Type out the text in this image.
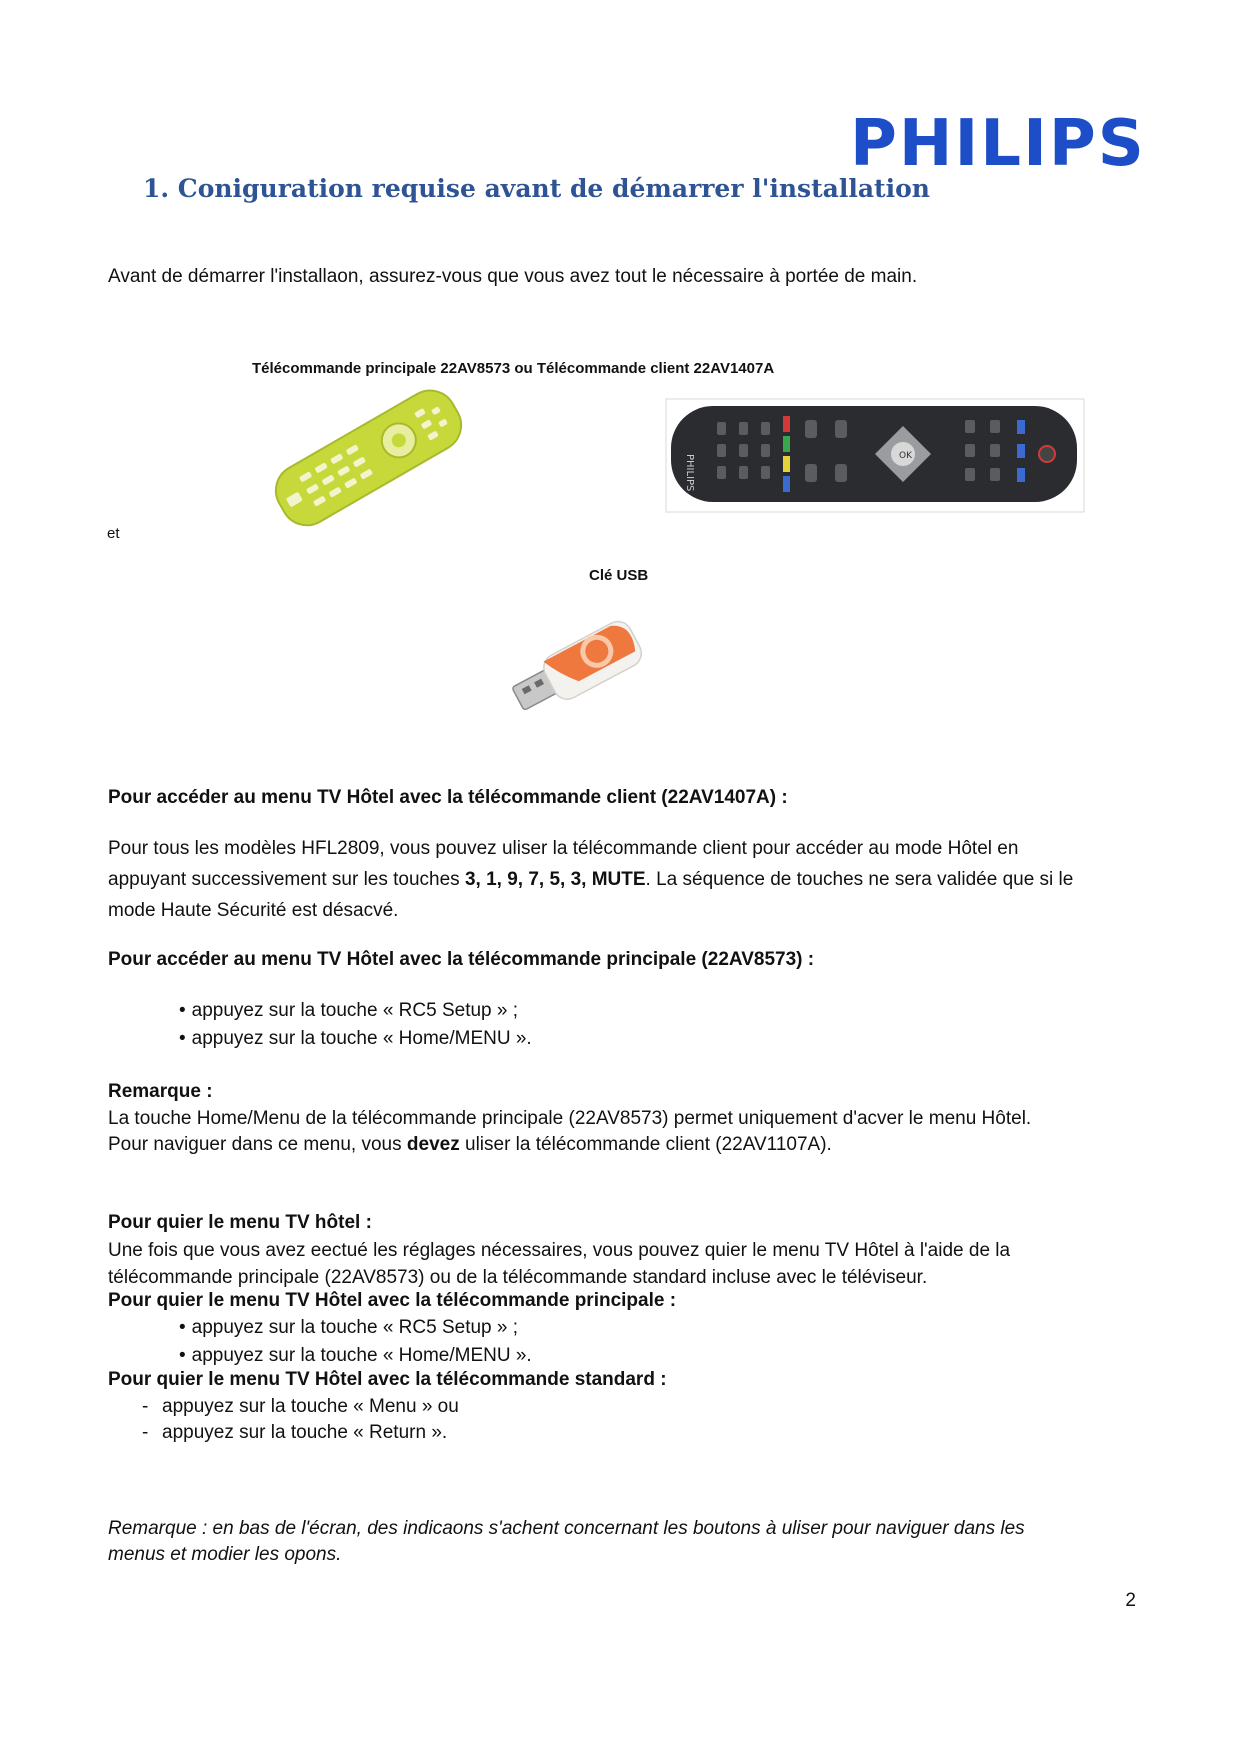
PHILIPS
1. Coniguration requise avant de démarrer l'installation
Avant de démarrer l'installaon, assurez-vous que vous avez tout le nécessaire à portée de main.
Télécommande principale 22AV8573 ou Télécommande client 22AV1407A
PHILIPS	OK
et
Clé USB
Pour accéder au menu TV Hôtel avec la télécommande client (22AV1407A) :
Pour tous les modèles HFL2809, vous pouvez uliser la télécommande client pour accéder au mode Hôtel en appuyant successivement sur les touches 3, 1, 9, 7, 5, 3, MUTE. La séquence de touches ne sera validée que si le mode Haute Sécurité est désacvé.
Pour accéder au menu TV Hôtel avec la télécommande principale (22AV8573) :
• appuyez sur la touche « RC5 Setup » ;
• appuyez sur la touche « Home/MENU ».
Remarque :
La touche Home/Menu de la télécommande principale (22AV8573) permet uniquement d'acver le menu Hôtel.
Pour naviguer dans ce menu, vous devez uliser la télécommande client (22AV1107A).
Pour quier le menu TV hôtel :
Une fois que vous avez eectué les réglages nécessaires, vous pouvez quier le menu TV Hôtel à l'aide de la télécommande principale (22AV8573) ou de la télécommande standard incluse avec le téléviseur.
Pour quier le menu TV Hôtel avec la télécommande principale :
• appuyez sur la touche « RC5 Setup » ;
• appuyez sur la touche « Home/MENU ».
Pour quier le menu TV Hôtel avec la télécommande standard :
- appuyez sur la touche « Menu » ou
- appuyez sur la touche « Return ».
Remarque : en bas de l'écran, des indicaons s'achent concernant les boutons à uliser pour naviguer dans les menus et modier les opons.
2
